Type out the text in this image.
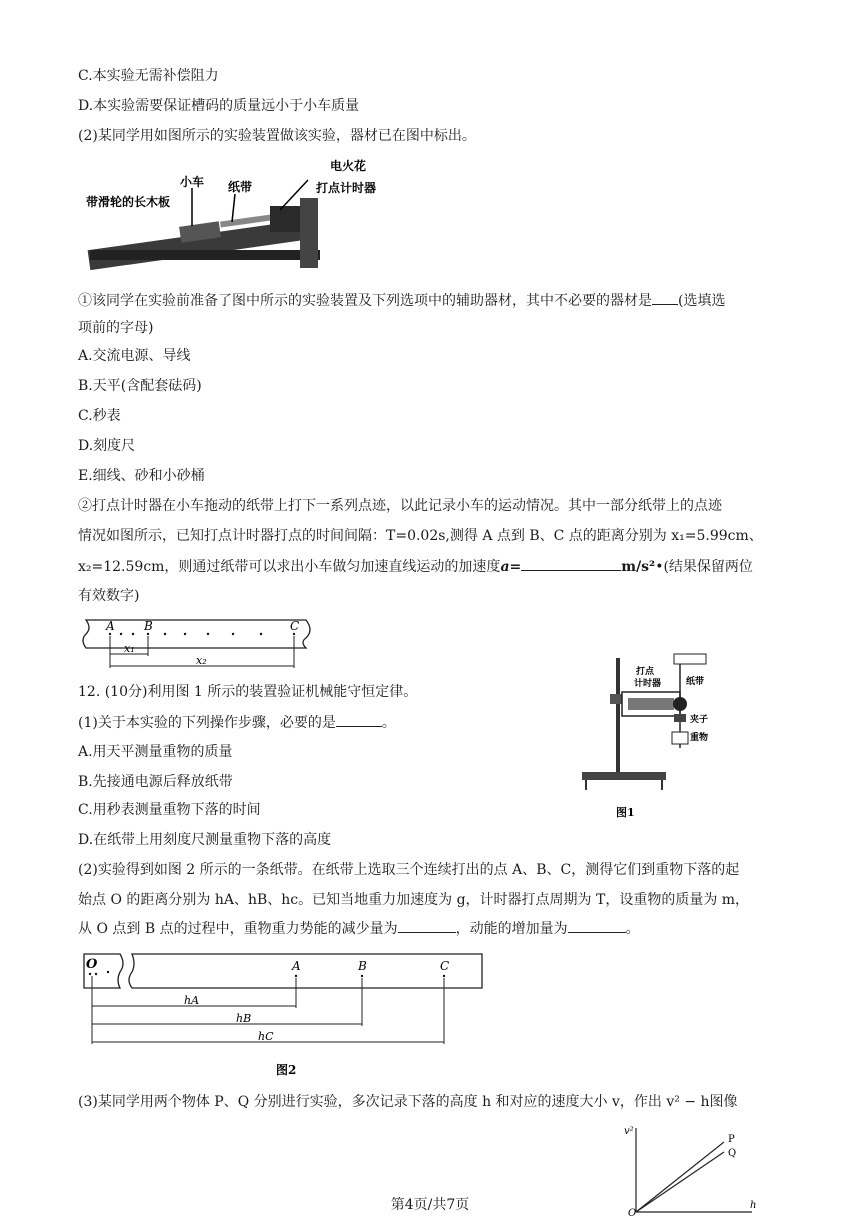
C.本实验无需补偿阻力
D.本实验需要保证槽码的质量远小于小车质量
(2)某同学用如图所示的实验装置做该实验，器材已在图中标出。
带滑轮的长木板
小车 纸带
电火花
打点计时器
①该同学在实验前准备了图中所示的实验装置及下列选项中的辅助器材，其中不必要的器材是 (选填选
项前的字母)
A.交流电源、导线
B.天平(含配套砝码)
C.秒表
D.刻度尺
E.细线、砂和小砂桶
②打点计时器在小车拖动的纸带上打下一系列点迹，以此记录小车的运动情况。其中一部分纸带上的点迹
情况如图所示，已知打点计时器打点的时间间隔：T=0.02s,测得 A 点到 B、C 点的距离分别为 x₁=5.99cm、
x₂=12.59cm，则通过纸带可以求出小车做匀加速直线运动的加速度a=	m/s²•(结果保留两位
有效数字)
A B	C
x₁
x₂
12. (10分)利用图 1 所示的装置验证机械能守恒定律。
(1)关于本实验的下列操作步骤，必要的是	。
A.用天平测量重物的质量
B.先接通电源后释放纸带
C.用秒表测量重物下落的时间
D.在纸带上用刻度尺测量重物下落的高度
打点
计时器	纸带
夹子
重物
图1
(2)实验得到如图 2 所示的一条纸带。在纸带上选取三个连续打出的点 A、B、C，测得它们到重物下落的起
始点 O 的距离分别为 hA、hB、hc。已知当地重力加速度为 g，计时器打点周期为 T，设重物的质量为 m，
从 O 点到 B 点的过程中，重物重力势能的减少量为	，动能的增加量为	。
O	A	B	C
hA
hB
hC
图2
(3)某同学用两个物体 P、Q 分别进行实验，多次记录下落的高度 h 和对应的速度大小 v，作出 v² − h图像
v²
h
P
Q
O
第4页/共7页
